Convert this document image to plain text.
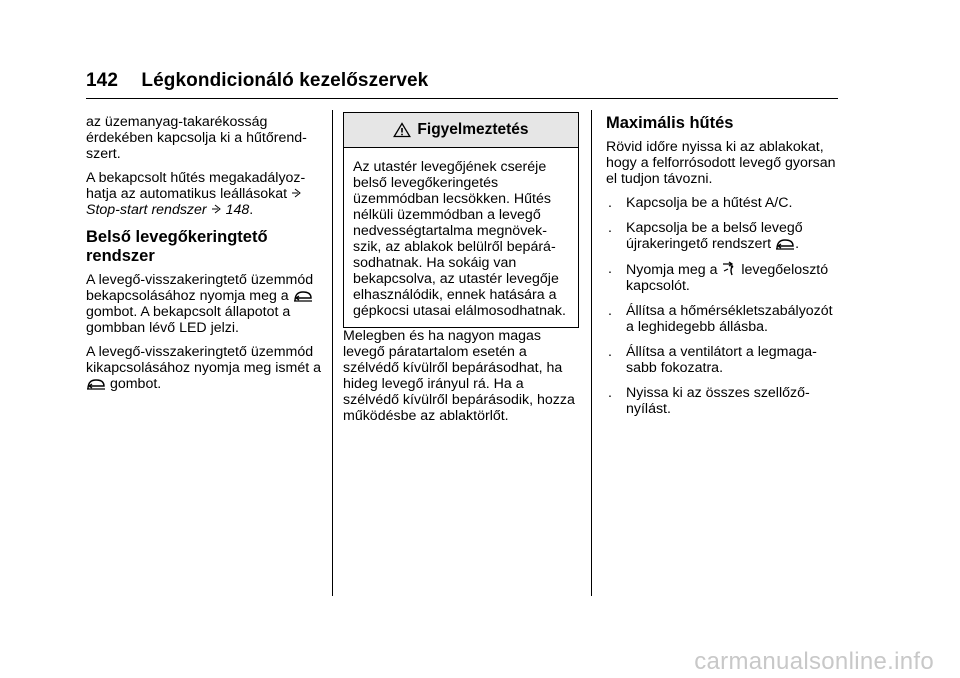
142 Légkondicionáló kezelőszervek

az üzemanyag-takarékosság érdekében kapcsolja ki a hűtőrend-szert.

A bekapcsolt hűtés megakadályoz-hatja az automatikus leállásokat  Stop-start rendszer 148.

Belső levegőkeringtető rendszer

A levegő-visszakeringtető üzemmód bekapcsolásához nyomja meg a  gombot. A bekapcsolt állapotot a gombban lévő LED jelzi.

A levegő-visszakeringtető üzemmód kikapcsolásához nyomja meg ismét a  gombot.

Figyelmeztetés
Az utastér levegőjének cseréje belső levegőkeringetés üzemmódban lecsökken. Hűtés nélküli üzemmódban a levegő nedvességtartalma megnövek-szik, az ablakok belülről bepárá-sodhatnak. Ha sokáig van bekapcsolva, az utastér levegője elhasználódik, ennek hatására a gépkocsi utasai elálmosodhatnak.

Melegben és ha nagyon magas levegő páratartalom esetén a szélvédő kívülről bepárásodhat, ha hideg levegő irányul rá. Ha a szélvédő kívülről bepárásodik, hozza működésbe az ablaktörlőt.

Maximális hűtés

Rövid időre nyissa ki az ablakokat, hogy a felforrósodott levegő gyorsan el tudjon távozni.

. Kapcsolja be a hűtést A/C.
. Kapcsolja be a belső levegő újrakeringető rendszert .
. Nyomja meg a levegőelosztó kapcsolót.
. Állítsa a hőmérsékletszabályozót a leghidegebb állásba.
. Állítsa a ventilátort a legmaga-sabb fokozatra.
. Nyissa ki az összes szellőző-nyílást.
carmanualsonline.info
